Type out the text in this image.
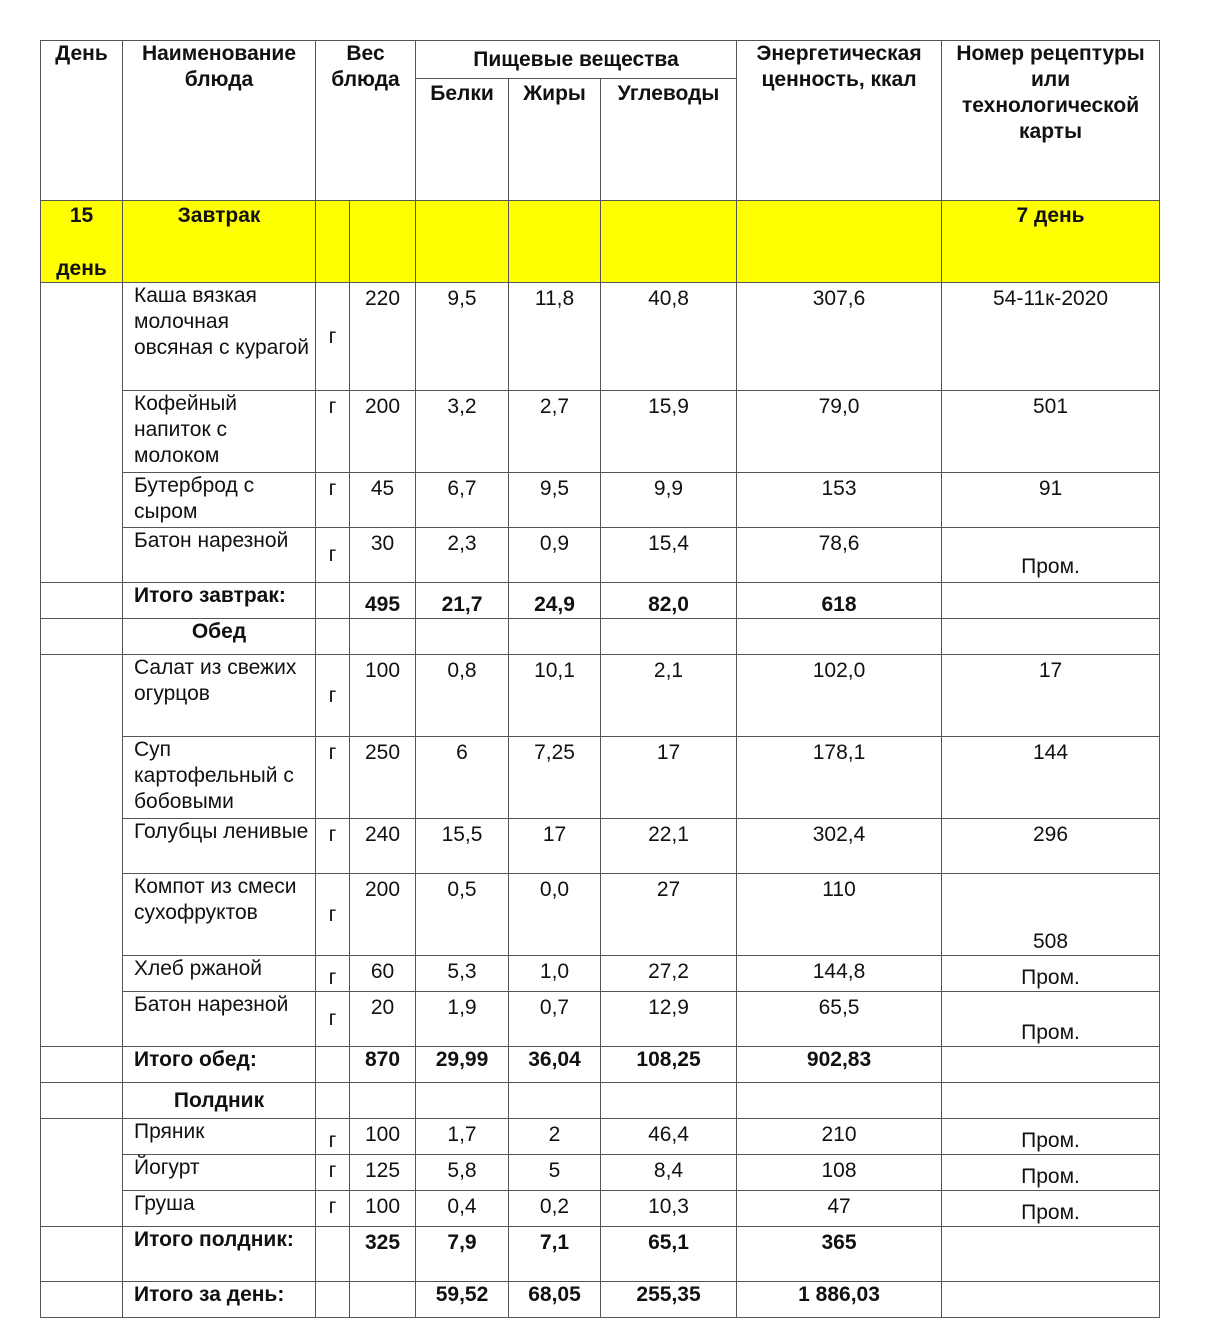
День	Наименование блюда	Вес блюда		Пищевые вещества			Энергетическая ценность, ккал	Номер рецептуры или технологической карты
				Белки	Жиры	Углеводы		

15
день	Завтрак							7 день
	Каша вязкая молочная овсяная с курагой	г	220	9,5	11,8	40,8	307,6	54-11к-2020
	Кофейный напиток с молоком	г	200	3,2	2,7	15,9	79,0	501
	Бутерброд с сыром	г	45	6,7	9,5	9,9	153	91
	Батон нарезной	г	30	2,3	0,9	15,4	78,6	Пром.
	Итого завтрак:		495	21,7	24,9	82,0	618	
	Обед							
	Салат из свежих огурцов	г	100	0,8	10,1	2,1	102,0	17
	Суп картофельный с бобовыми	г	250	6	7,25	17	178,1	144
	Голубцы ленивые	г	240	15,5	17	22,1	302,4	296
	Компот из смеси сухофруктов	г	200	0,5	0,0	27	110	508
	Хлеб ржаной	г	60	5,3	1,0	27,2	144,8	Пром.
	Батон нарезной	г	20	1,9	0,7	12,9	65,5	Пром.
	Итого обед:		870	29,99	36,04	108,25	902,83	
	Полдник							
	Пряник	г	100	1,7	2	46,4	210	Пром.
	Йогурт	г	125	5,8	5	8,4	108	Пром.
	Груша	г	100	0,4	0,2	10,3	47	Пром.
	Итого полдник:		325	7,9	7,1	65,1	365	
	Итого за день:			59,52	68,05	255,35	1 886,03	
